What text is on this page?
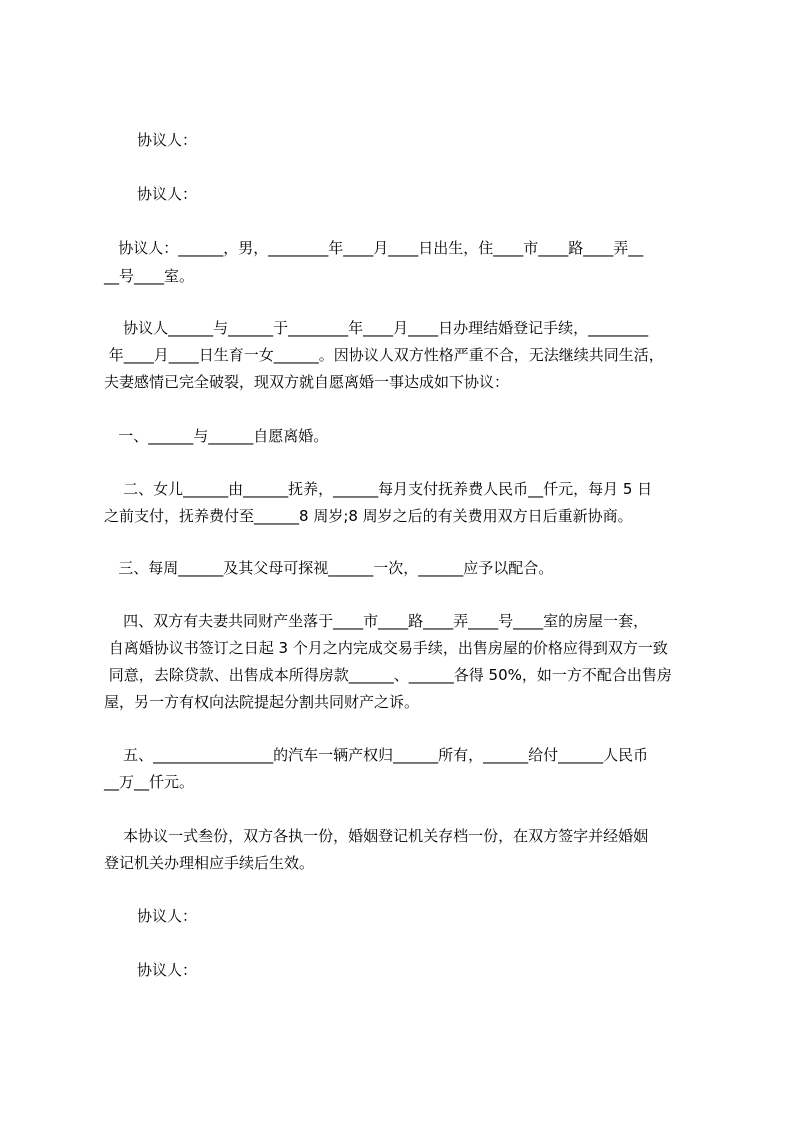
协议人：
协议人：
协议人：______，男，________年____月____日出生，住____市____路____弄__
__号____室。
协议人______与______于________年____月____日办理结婚登记手续，________
年____月____日生育一女______。因协议人双方性格严重不合，无法继续共同生活，
夫妻感情已完全破裂，现双方就自愿离婚一事达成如下协议：
一、______与______自愿离婚。
二、女儿______由______抚养，______每月支付抚养费人民币__仟元，每月 5 日
之前支付，抚养费付至______8 周岁;8 周岁之后的有关费用双方日后重新协商。
三、每周______及其父母可探视______一次，______应予以配合。
四、双方有夫妻共同财产坐落于____市____路____弄____号____室的房屋一套，
自离婚协议书签订之日起 3 个月之内完成交易手续，出售房屋的价格应得到双方一致
同意，去除贷款、出售成本所得房款______、______各得 50%，如一方不配合出售房
屋，另一方有权向法院提起分割共同财产之诉。
五、________________的汽车一辆产权归______所有，______给付______人民币
__万__仟元。
本协议一式叁份，双方各执一份，婚姻登记机关存档一份，在双方签字并经婚姻
登记机关办理相应手续后生效。
协议人：
协议人：
